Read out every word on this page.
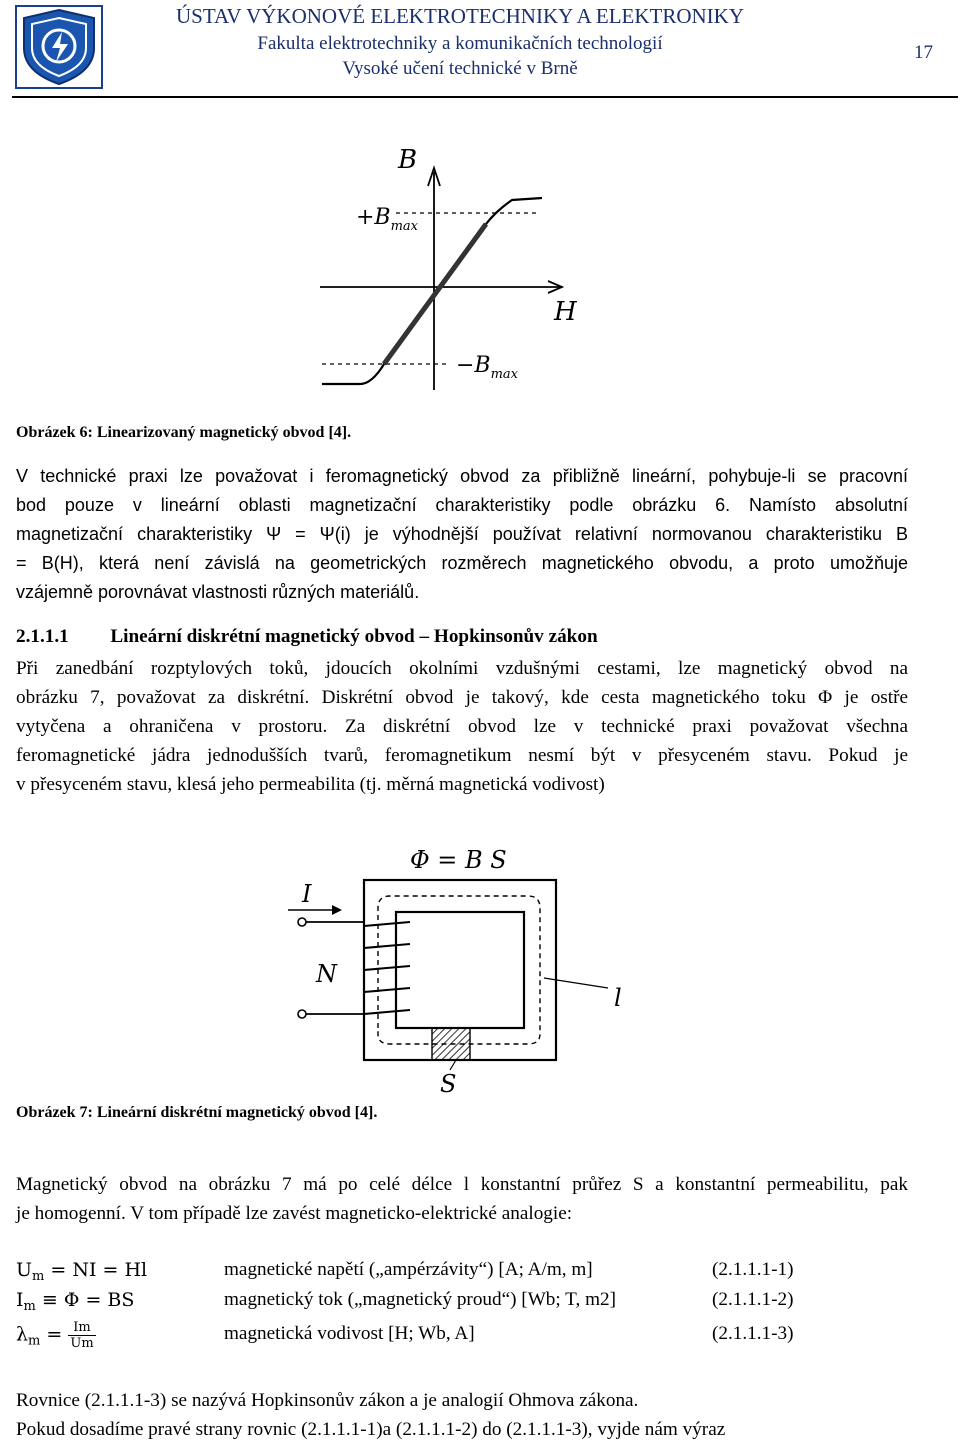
ÚSTAV VÝKONOVÉ ELEKTROTECHNIKY A ELEKTRONIKY
Fakulta elektrotechniky a komunikačních technologií
Vysoké učení technické v Brně
17
B
$+B_{max}$
H
$-B_{max}$
Obrázek 6: Linearizovaný magnetický obvod [4].
V technické praxi lze považovat i feromagnetický obvod za přibližně lineární, pohybuje-li se pracovní
bod pouze v lineární oblasti magnetizační charakteristiky podle obrázku 6. Namísto absolutní
magnetizační charakteristiky Ψ = Ψ(i) je výhodnější používat relativní normovanou charakteristiku B
= B(H), která není závislá na geometrických rozměrech magnetického obvodu, a proto umožňuje
vzájemně porovnávat vlastnosti různých materiálů.
2.1.1.1 Lineární diskrétní magnetický obvod – Hopkinsonův zákon
Při zanedbání rozptylových toků, jdoucích okolními vzdušnými cestami, lze magnetický obvod na
obrázku 7, považovat za diskrétní. Diskrétní obvod je takový, kde cesta magnetického toku Φ je ostře
vytyčena a ohraničena v prostoru. Za diskrétní obvod lze v technické praxi považovat všechna
feromagnetické jádra jednodušších tvarů, feromagnetikum nesmí být v přesyceném stavu. Pokud je
v přesyceném stavu, klesá jeho permeabilita (tj. měrná magnetická vodivost)
Φ = B S
I
N
l
S
Obrázek 7: Lineární diskrétní magnetický obvod [4].
Magnetický obvod na obrázku 7 má po celé délce l konstantní průřez S a konstantní permeabilitu, pak
je homogenní. V tom případě lze zavést magneticko-elektrické analogie:
$U_m$ = NI = Hl	magnetické napětí („ampérzávity“) [A; A/m, m]	(2.1.1.1-1)
$I_m \equiv \Phi$ = BS	magnetický tok („magnetický proud“) [Wb; T, m2]	(2.1.1.1-2)
$\lambda_m = \frac{Im}{Um}$	magnetická vodivost [H; Wb, A]	(2.1.1.1-3)
Rovnice (2.1.1.1-3) se nazývá Hopkinsonův zákon a je analogií Ohmova zákona.
Pokud dosadíme pravé strany rovnic (2.1.1.1-1)a (2.1.1.1-2) do (2.1.1.1-3), vyjde nám výraz
